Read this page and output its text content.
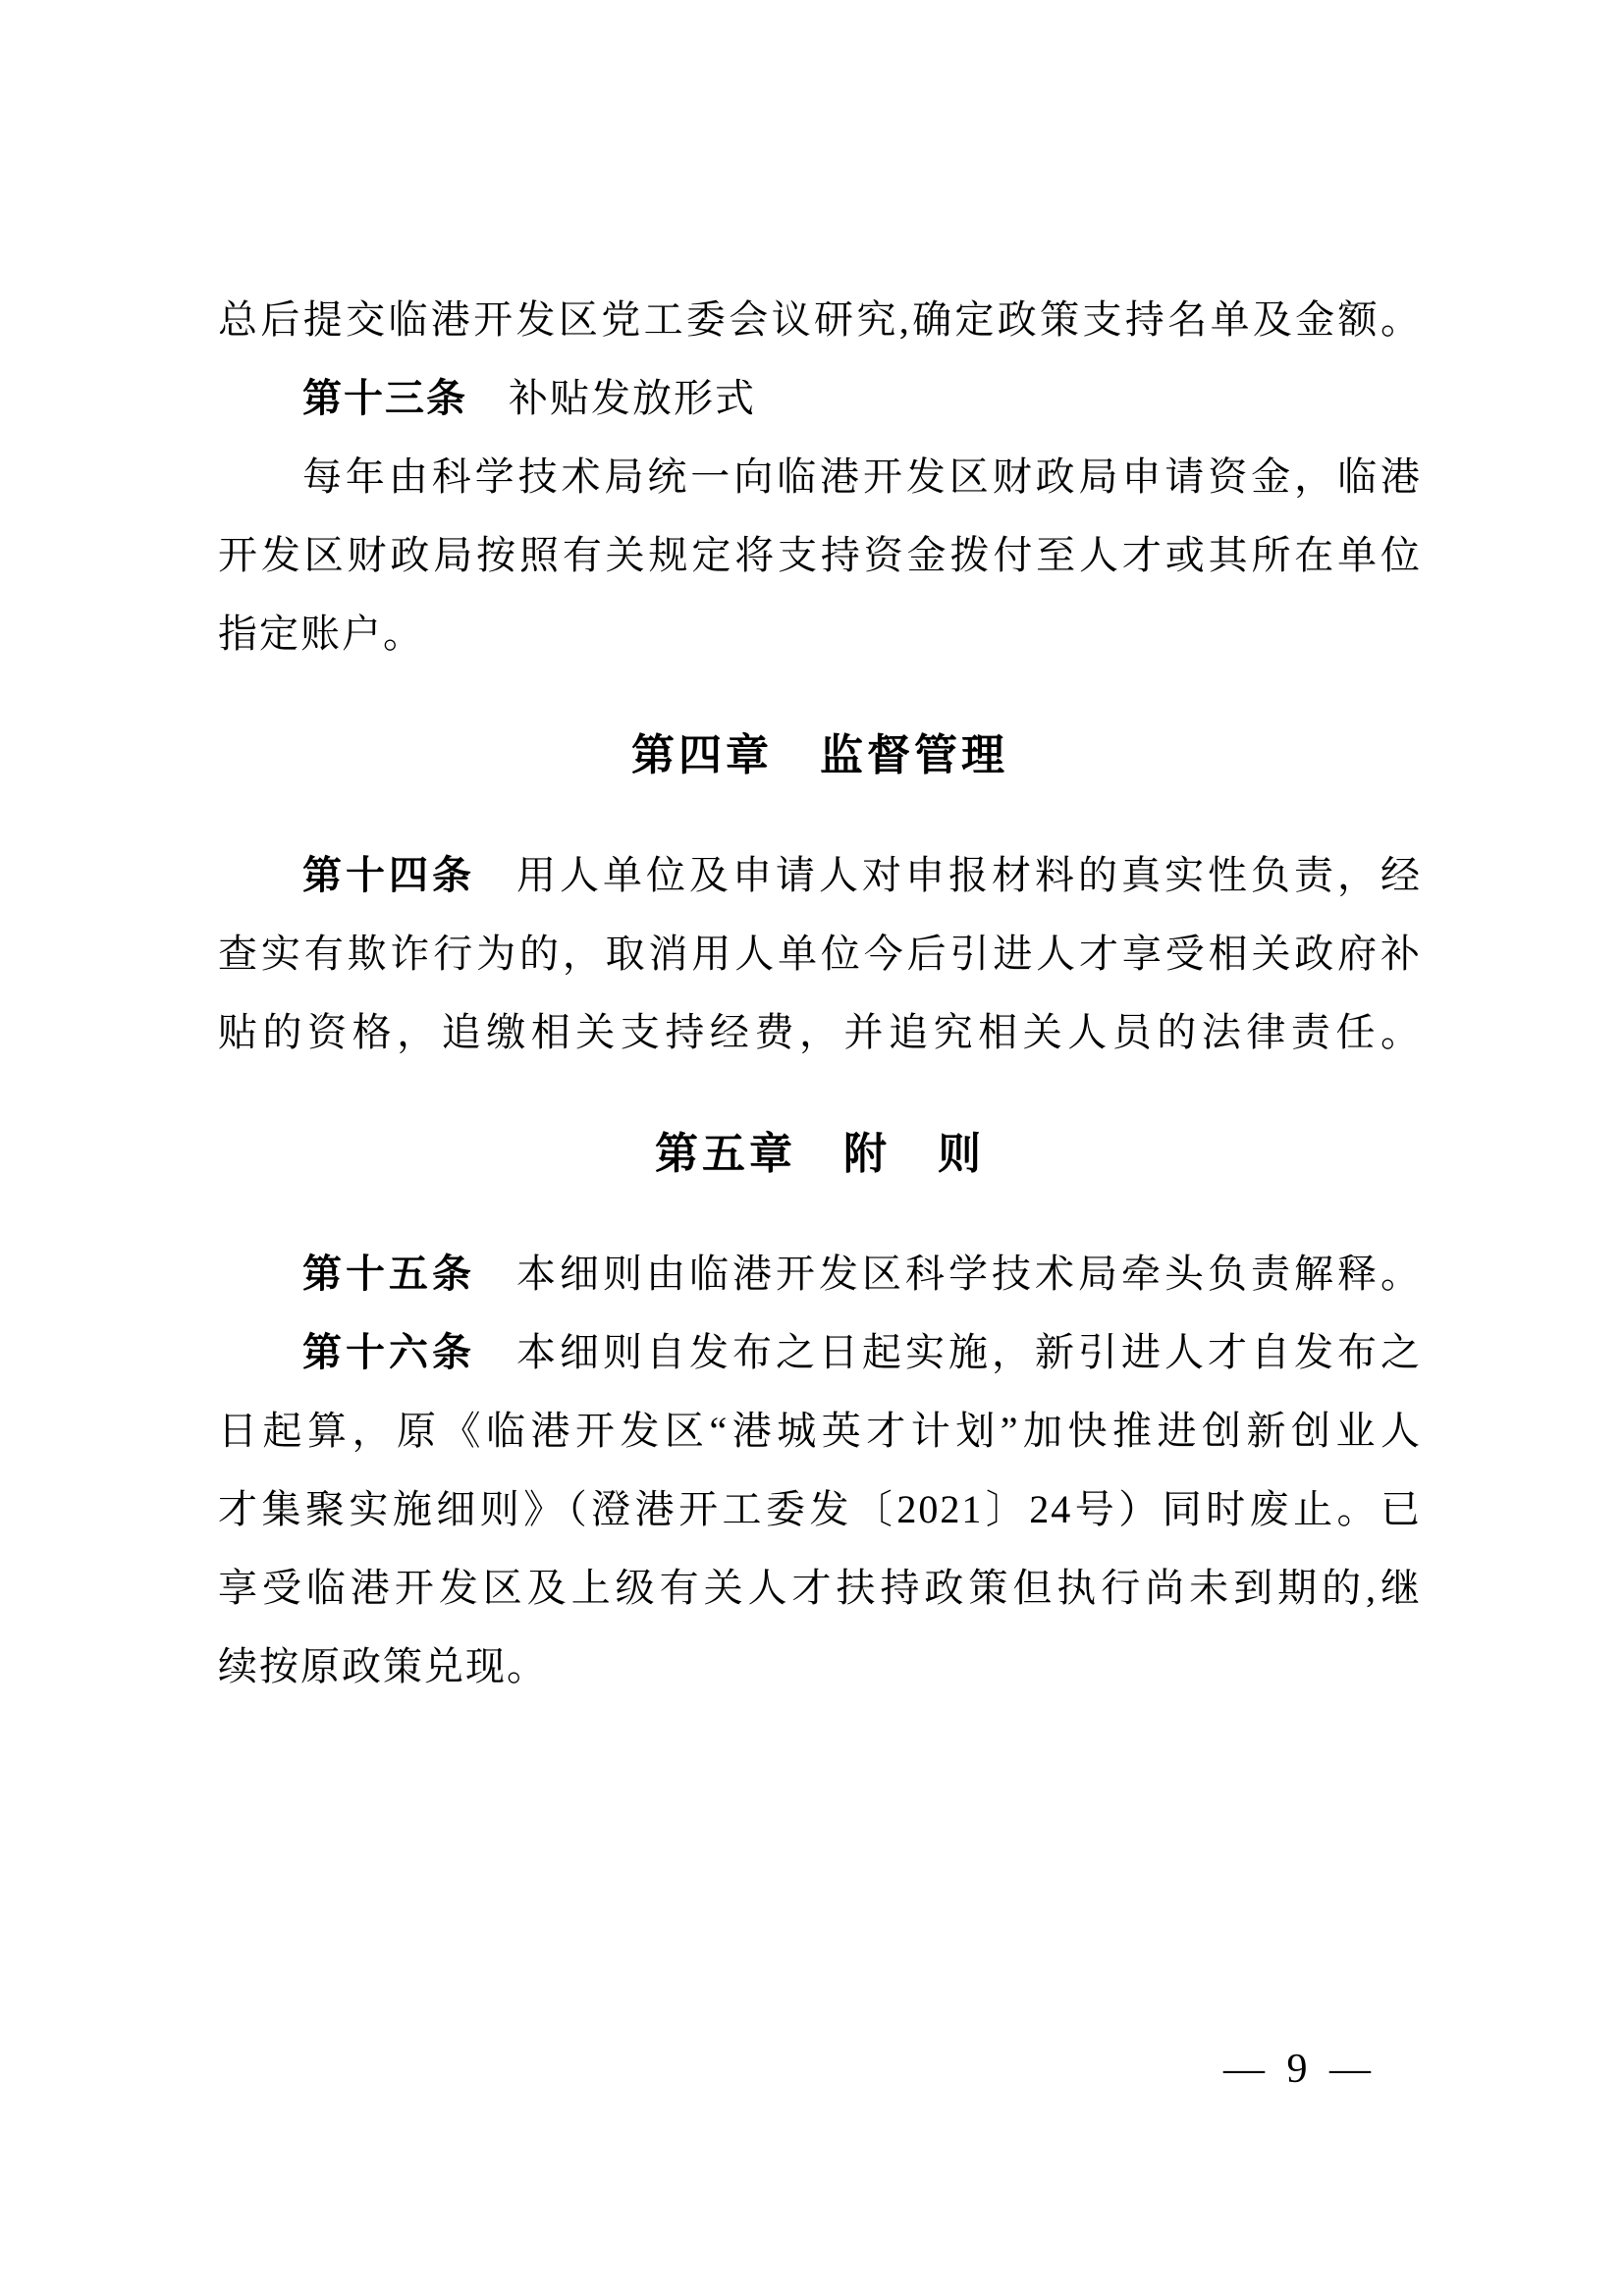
总后提交临港开发区党工委会议研究,确定政策支持名单及金额。
第十三条 补贴发放形式
每年由科学技术局统一向临港开发区财政局申请资金，临港
开发区财政局按照有关规定将支持资金拨付至人才或其所在单位
指定账户。
第四章　监督管理
第十四条 用人单位及申请人对申报材料的真实性负责，经
查实有欺诈行为的，取消用人单位今后引进人才享受相关政府补
贴的资格，追缴相关支持经费，并追究相关人员的法律责任。
第五章　附　则
第十五条 本细则由临港开发区科学技术局牵头负责解释。
第十六条 本细则自发布之日起实施，新引进人才自发布之
日起算，原《临港开发区“港城英才计划”加快推进创新创业人
才集聚实施细则》（澄港开工委发〔2021〕24号）同时废止。已
享受临港开发区及上级有关人才扶持政策但执行尚未到期的,继
续按原政策兑现。
— 9 —
